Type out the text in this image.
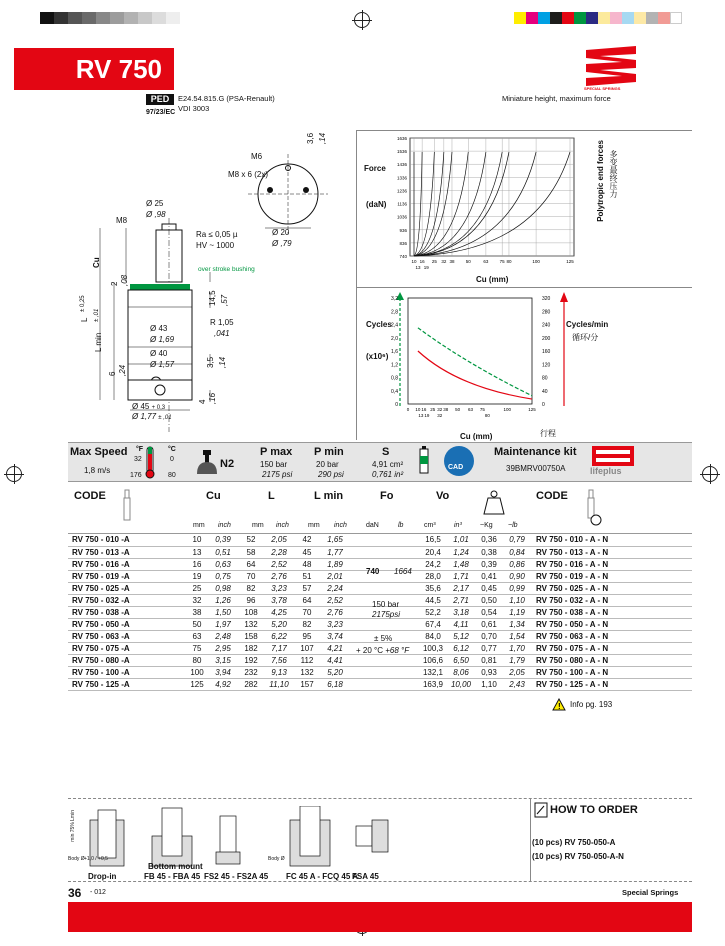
RV 750
SPECIAL SPRINGS
PED
97/23/EC
E24.54.815.G (PSA-Renault)
VDI 3003
Miniature height, maximum force
M6
M8 x 6 (2x)
3,6 ,14
Ø 25
Ø ,98
M8
Ra ≤ 0,05 µ
HV ~ 1000
Ø 20
Ø ,79
Cu
over stroke bushing
2 ,08
L
± 0,25
L min
± ,01
14,5 ,57
R 1,05
,041
Ø 43
Ø 1,69
Ø 40
Ø 1,57
6 ,24
3,5 ,14
4 ,16
Ø 45 + 0,3
Ø 1,77 ± ,01
Force
(daN)	Polytropic end forces 多变最终压力
1636
1536
1436
1336
1236
1136
1036
936
836
740
10 16 25 32 38	50	63	75 80	100	125
13 19
Cu (mm)
Cycles
(x10⁶)
Cycles/min
循环/分
3,2	320
2,8	280
2,4	240
2,0	200
1,6	160
1,2	120
0,8	80
0,4	40
0	0
0 10 16 25 32 38 50 63 75	100	125
13 19 32	80
Cu (mm)	行程
Max Speed
1,8 m/s
°F	°C
32	0
176	80
N2
P max
150 bar
2175 psi
P min
20 bar
290 psi
S
4,91 cm²
0,761 in²
CAD
Maintenance kit
39BMRV00750A	lifeplus
CODE	Cu	L	L min	Fo	Vo	CODE
mm inch	mm inch	mm inch	daN	lb	cm³	in³	~Kg ~lb
RV 750 - 010 -A	10	0,39	52	2,05	42	1,65		16,5	1,01	0,36	0,79	RV 750 - 010 - A - N
RV 750 - 013 -A	13	0,51	58	2,28	45	1,77		20,4	1,24	0,38	0,84	RV 750 - 013 - A - N
RV 750 - 016 -A	16	0,63	64	2,52	48	1,89		24,2	1,48	0,39	0,86	RV 750 - 016 - A - N
RV 750 - 019 -A	19	0,75	70	2,76	51	2,01		28,0	1,71	0,41	0,90	RV 750 - 019 - A - N
RV 750 - 025 -A	25	0,98	82	3,23	57	2,24		35,6	2,17	0,45	0,99	RV 750 - 025 - A - N
RV 750 - 032 -A	32	1,26	96	3,78	64	2,52		44,5	2,71	0,50	1,10	RV 750 - 032 - A - N
RV 750 - 038 -A	38	1,50	108	4,25	70	2,76		52,2	3,18	0,54	1,19	RV 750 - 038 - A - N
RV 750 - 050 -A	50	1,97	132	5,20	82	3,23		67,4	4,11	0,61	1,34	RV 750 - 050 - A - N
RV 750 - 063 -A	63	2,48	158	6,22	95	3,74		84,0	5,12	0,70	1,54	RV 750 - 063 - A - N
RV 750 - 075 -A	75	2,95	182	7,17	107	4,21		100,3	6,12	0,77	1,70	RV 750 - 075 - A - N
RV 750 - 080 -A	80	3,15	192	7,56	112	4,41		106,6	6,50	0,81	1,79	RV 750 - 080 - A - N
RV 750 - 100 -A	100	3,94	232	9,13	132	5,20		132,1	8,06	0,93	2,05	RV 750 - 100 - A - N
RV 750 - 125 -A	125	4,92	282	11,10	157	6,18		163,9	10,00	1,10	2,43	RV 750 - 125 - A - N
740 1664
150 bar
2175psi
± 5%
+ 20 °C +68 °F
! Info pg. 193
min 75% Lmin
Body Ø +1,0 / +0,5
Drop-in
Bottom mount
FB 45 - FBA 45 FS2 45 - FS2A 45
Body Ø
FC 45 A - FCQ 45 A
FSA 45
HOW TO ORDER
(10 pcs) RV 750-050-A
(10 pcs) RV 750-050-A-N
36 - 012	Special Springs
